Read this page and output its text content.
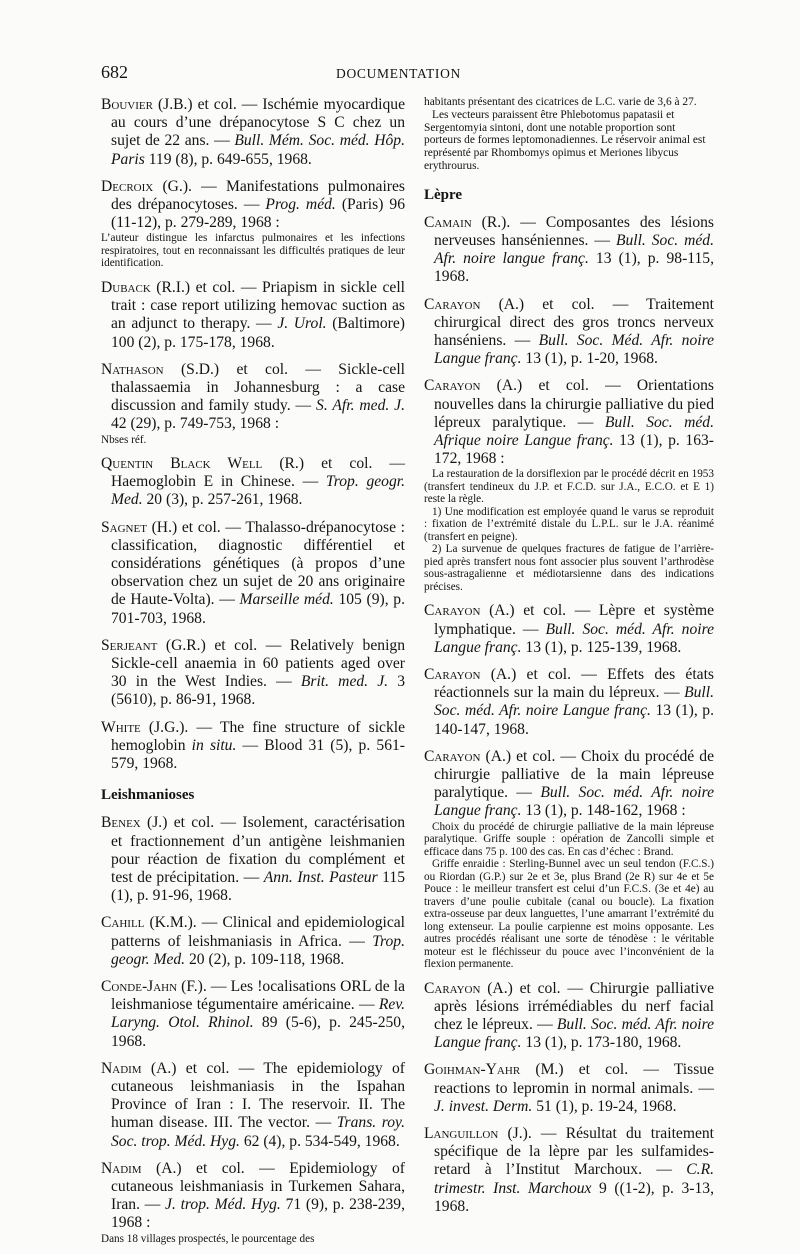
682	DOCUMENTATION
Bouvier (J.B.) et col. — Ischémie myocardique au cours d’une drépanocytose S C chez un sujet de 22 ans. — Bull. Mém. Soc. méd. Hôp. Paris 119 (8), p. 649-655, 1968.
Decroix (G.). — Manifestations pulmonaires des drépanocytoses. — Prog. méd. (Paris) 96 (11-12), p. 279-289, 1968 :
L’auteur distingue les infarctus pulmonaires et les infections respiratoires, tout en reconnaissant les difficultés pratiques de leur identification.
Duback (R.I.) et col. — Priapism in sickle cell trait : case report utilizing hemovac suction as an adjunct to therapy. — J. Urol. (Baltimore) 100 (2), p. 175-178, 1968.
Nathason (S.D.) et col. — Sickle-cell thalassaemia in Johannesburg : a case discussion and family study. — S. Afr. med. J. 42 (29), p. 749-753, 1968 :
Nbses réf.
Quentin Black Well (R.) et col. — Haemoglobin E in Chinese. — Trop. geogr. Med. 20 (3), p. 257-261, 1968.
Sagnet (H.) et col. — Thalasso-drépanocytose : classification, diagnostic différentiel et considérations génétiques (à propos d’une observation chez un sujet de 20 ans originaire de Haute-Volta). — Marseille méd. 105 (9), p. 701-703, 1968.
Serjeant (G.R.) et col. — Relatively benign Sickle-cell anaemia in 60 patients aged over 30 in the West Indies. — Brit. med. J. 3 (5610), p. 86-91, 1968.
White (J.G.). — The fine structure of sickle hemoglobin in situ. — Blood 31 (5), p. 561-579, 1968.
Leishmanioses
Benex (J.) et col. — Isolement, caractérisation et fractionnement d’un antigène leishmanien pour réaction de fixation du complément et test de précipitation. — Ann. Inst. Pasteur 115 (1), p. 91-96, 1968.
Cahill (K.M.). — Clinical and epidemiological patterns of leishmaniasis in Africa. — Trop. geogr. Med. 20 (2), p. 109-118, 1968.
Conde-Jahn (F.). — Les !ocalisations ORL de la leishmaniose tégumentaire américaine. — Rev. Laryng. Otol. Rhinol. 89 (5-6), p. 245-250, 1968.
Nadim (A.) et col. — The epidemiology of cutaneous leishmaniasis in the Ispahan Province of Iran : I. The reservoir. II. The human disease. III. The vector. — Trans. roy. Soc. trop. Méd. Hyg. 62 (4), p. 534-549, 1968.
Nadim (A.) et col. — Epidemiology of cutaneous leishmaniasis in Turkemen Sahara, Iran. — J. trop. Méd. Hyg. 71 (9), p. 238-239, 1968 :
Dans 18 villages prospectés, le pourcentage des
habitants présentant des cicatrices de L.C. varie de 3,6 à 27.
Les vecteurs paraissent être Phlebotomus papatasii et Sergentomyia sintoni, dont une notable proportion sont porteurs de formes leptomonadiennes. Le réservoir animal est représenté par Rhombomys opimus et Meriones libycus erythrourus.
Lèpre
Camain (R.). — Composantes des lésions nerveuses hanséniennes. — Bull. Soc. méd. Afr. noire langue franç. 13 (1), p. 98-115, 1968.
Carayon (A.) et col. — Traitement chirurgical direct des gros troncs nerveux hanséniens. — Bull. Soc. Méd. Afr. noire Langue franç. 13 (1), p. 1-20, 1968.
Carayon (A.) et col. — Orientations nouvelles dans la chirurgie palliative du pied lépreux paralytique. — Bull. Soc. méd. Afrique noire Langue franç. 13 (1), p. 163-172, 1968 :

La restauration de la dorsiflexion par le procédé décrit en 1953 (transfert tendineux du J.P. et F.C.D. sur J.A., E.C.O. et E 1) reste la règle.

1) Une modification est employée quand le varus se reproduit : fixation de l’extrémité distale du L.P.L. sur le J.A. réanimé (transfert en peigne).

2) La survenue de quelques fractures de fatigue de l’arrière-pied après transfert nous font associer plus souvent l’arthrodèse sous-astragalienne et médiotarsienne dans des indications précises.

Carayon (A.) et col. — Lèpre et système lymphatique. — Bull. Soc. méd. Afr. noire Langue franç. 13 (1), p. 125-139, 1968.
Carayon (A.) et col. — Effets des états réactionnels sur la main du lépreux. — Bull. Soc. méd. Afr. noire Langue franç. 13 (1), p. 140-147, 1968.
Carayon (A.) et col. — Choix du procédé de chirurgie palliative de la main lépreuse paralytique. — Bull. Soc. méd. Afr. noire Langue franç. 13 (1), p. 148-162, 1968 :

Choix du procédé de chirurgie palliative de la main lépreuse paralytique. Griffe souple : opération de Zancolli simple et efficace dans 75 p. 100 des cas. En cas d’échec : Brand.

Griffe enraidie : Sterling-Bunnel avec un seul tendon (F.C.S.) ou Riordan (G.P.) sur 2e et 3e, plus Brand (2e R) sur 4e et 5e Pouce : le meilleur transfert est celui d’un F.C.S. (3e et 4e) au travers d’une poulie cubitale (canal ou boucle). La fixation extra-osseuse par deux languettes, l’une amarrant l’extrémité du long extenseur. La poulie carpienne est moins opposante. Les autres procédés réalisant une sorte de ténodèse : le véritable moteur est le fléchisseur du pouce avec l’inconvénient de la flexion permanente.

Carayon (A.) et col. — Chirurgie palliative après lésions irrémédiables du nerf facial chez le lépreux. — Bull. Soc. méd. Afr. noire Langue franç. 13 (1), p. 173-180, 1968.
Goihman-Yahr (M.) et col. — Tissue reactions to lepromin in normal animals. — J. invest. Derm. 51 (1), p. 19-24, 1968.
Languillon (J.). — Résultat du traitement spécifique de la lèpre par les sulfamides-retard à l’Institut Marchoux. — C.R. trimestr. Inst. Marchoux 9 ((1-2), p. 3-13, 1968.
